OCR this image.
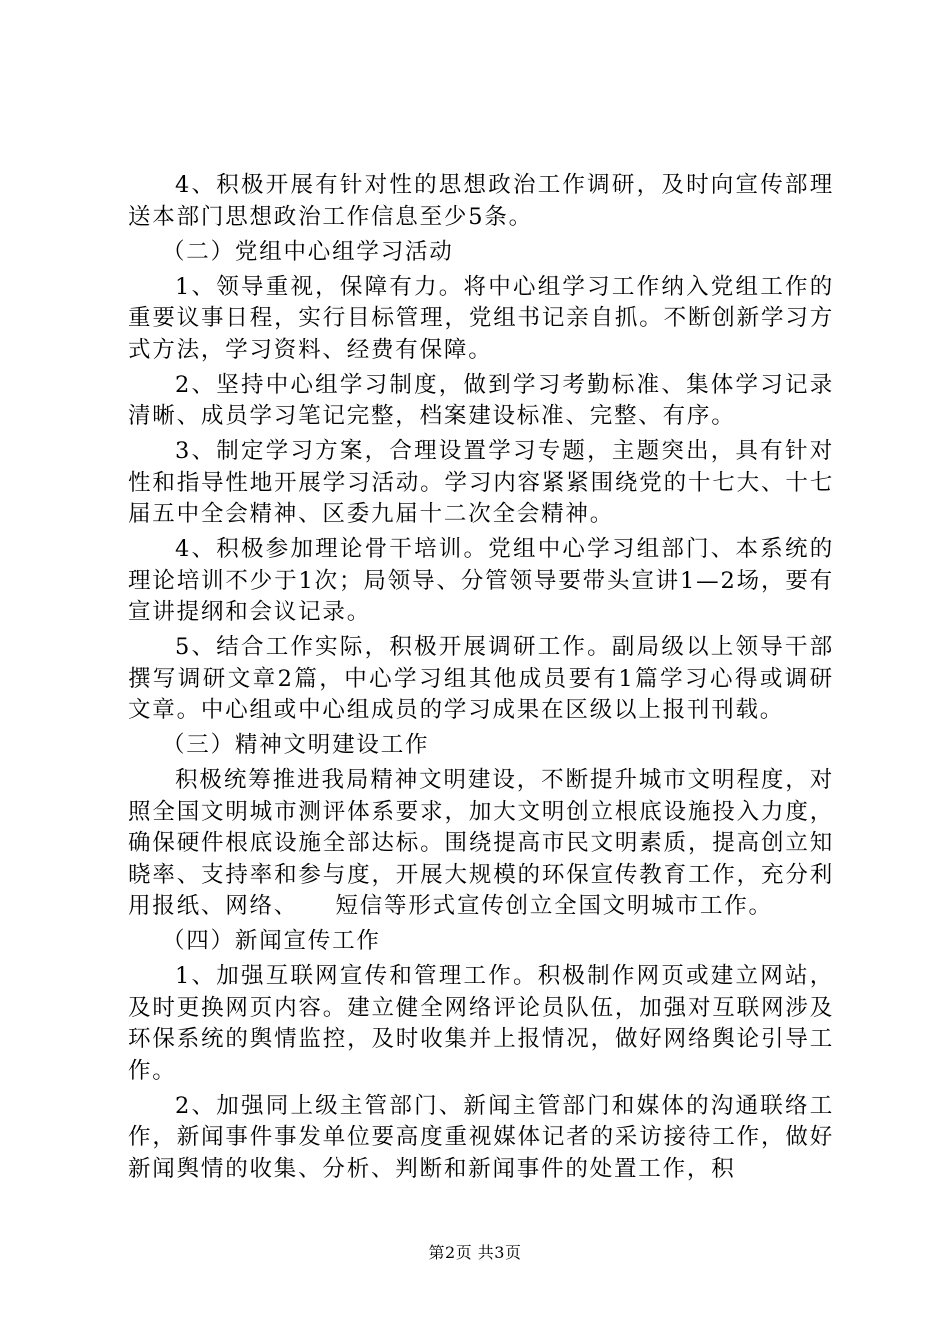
4、积极开展有针对性的思想政治工作调研，及时向宣传部理送本部门思想政治工作信息至少5条。

（二）党组中心组学习活动

1、领导重视，保障有力。将中心组学习工作纳入党组工作的重要议事日程，实行目标管理，党组书记亲自抓。不断创新学习方式方法，学习资料、经费有保障。

2、坚持中心组学习制度，做到学习考勤标准、集体学习记录清晰、成员学习笔记完整，档案建设标准、完整、有序。

3、制定学习方案，合理设置学习专题，主题突出，具有针对性和指导性地开展学习活动。学习内容紧紧围绕党的十七大、十七届五中全会精神、区委九届十二次全会精神。

4、积极参加理论骨干培训。党组中心学习组部门、本系统的理论培训不少于1次；局领导、分管领导要带头宣讲1—2场，要有宣讲提纲和会议记录。

5、结合工作实际，积极开展调研工作。副局级以上领导干部撰写调研文章2篇，中心学习组其他成员要有1篇学习心得或调研文章。中心组或中心组成员的学习成果在区级以上报刊刊载。

（三）精神文明建设工作

积极统筹推进我局精神文明建设，不断提升城市文明程度，对照全国文明城市测评体系要求，加大文明创立根底设施投入力度，确保硬件根底设施全部达标。围绕提高市民文明素质，提高创立知晓率、支持率和参与度，开展大规模的环保宣传教育工作，充分利用报纸、网络、　　短信等形式宣传创立全国文明城市工作。

（四）新闻宣传工作

1、加强互联网宣传和管理工作。积极制作网页或建立网站，及时更换网页内容。建立健全网络评论员队伍，加强对互联网涉及环保系统的舆情监控，及时收集并上报情况，做好网络舆论引导工作。

2、加强同上级主管部门、新闻主管部门和媒体的沟通联络工作，新闻事件事发单位要高度重视媒体记者的采访接待工作，做好新闻舆情的收集、分析、判断和新闻事件的处置工作，积

第2页 共3页
